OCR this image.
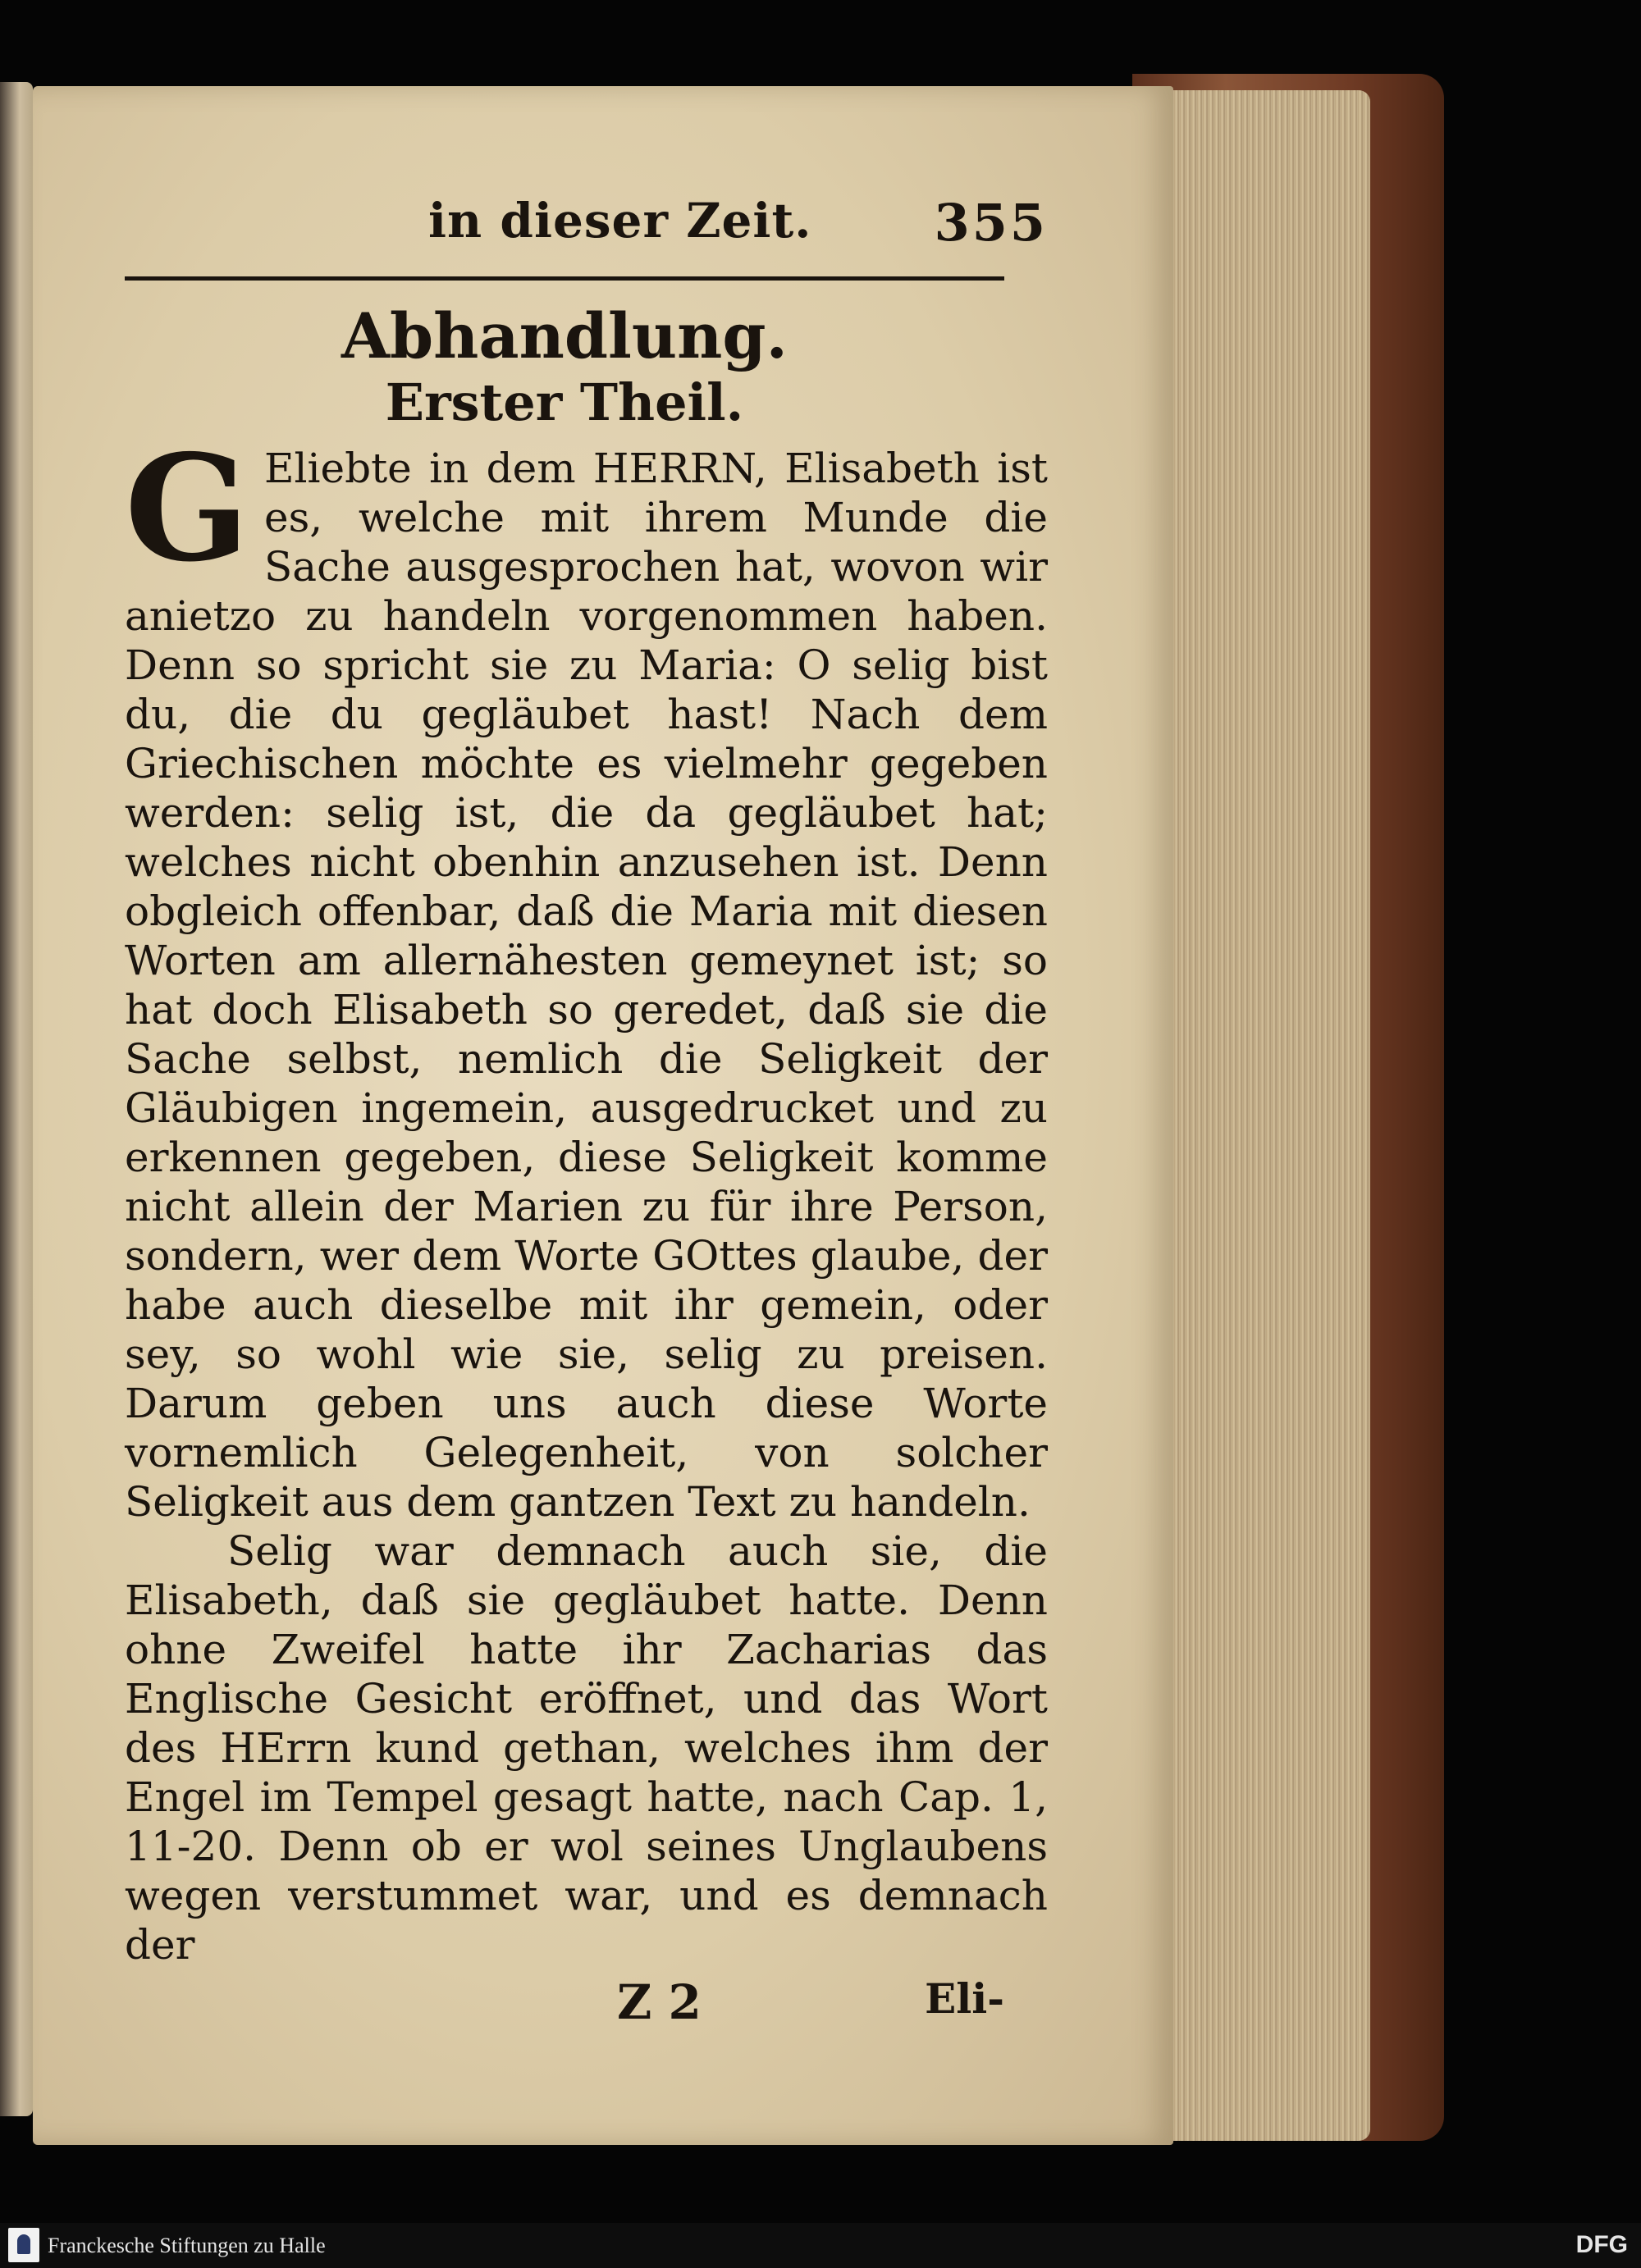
in dieser Zeit. 355
Abhandlung.
Erster Theil.
G Eliebte in dem HERRN, Elisabeth ist es, welche mit ihrem Munde die Sache ausgesprochen hat, wovon wir anietzo zu handeln vorgenommen haben. Denn so spricht sie zu Maria: O selig bist du, die du gegläubet hast! Nach dem Griechischen möchte es vielmehr gegeben werden: selig ist, die da gegläubet hat; welches nicht obenhin anzusehen ist. Denn obgleich offenbar, daß die Maria mit diesen Worten am allernähesten gemeynet ist; so hat doch Elisabeth so geredet, daß sie die Sache selbst, nemlich die Seligkeit der Gläubigen ingemein, ausgedrucket und zu erkennen gegeben, diese Seligkeit komme nicht allein der Marien zu für ihre Person, sondern, wer dem Worte GOttes glaube, der habe auch dieselbe mit ihr gemein, oder sey, so wohl wie sie, selig zu preisen. Darum geben uns auch diese Worte vornemlich Gelegenheit, von solcher Seligkeit aus dem gantzen Text zu handeln.
Selig war demnach auch sie, die Elisabeth, daß sie gegläubet hatte. Denn ohne Zweifel hatte ihr Zacharias das Englische Gesicht eröffnet, und das Wort des HErrn kund gethan, welches ihm der Engel im Tempel gesagt hatte, nach Cap. 1, 11-20. Denn ob er wol seines Unglaubens wegen verstummet war, und es demnach der
Z 2	Eli-
Franckesche Stiftungen zu Halle	DFG
